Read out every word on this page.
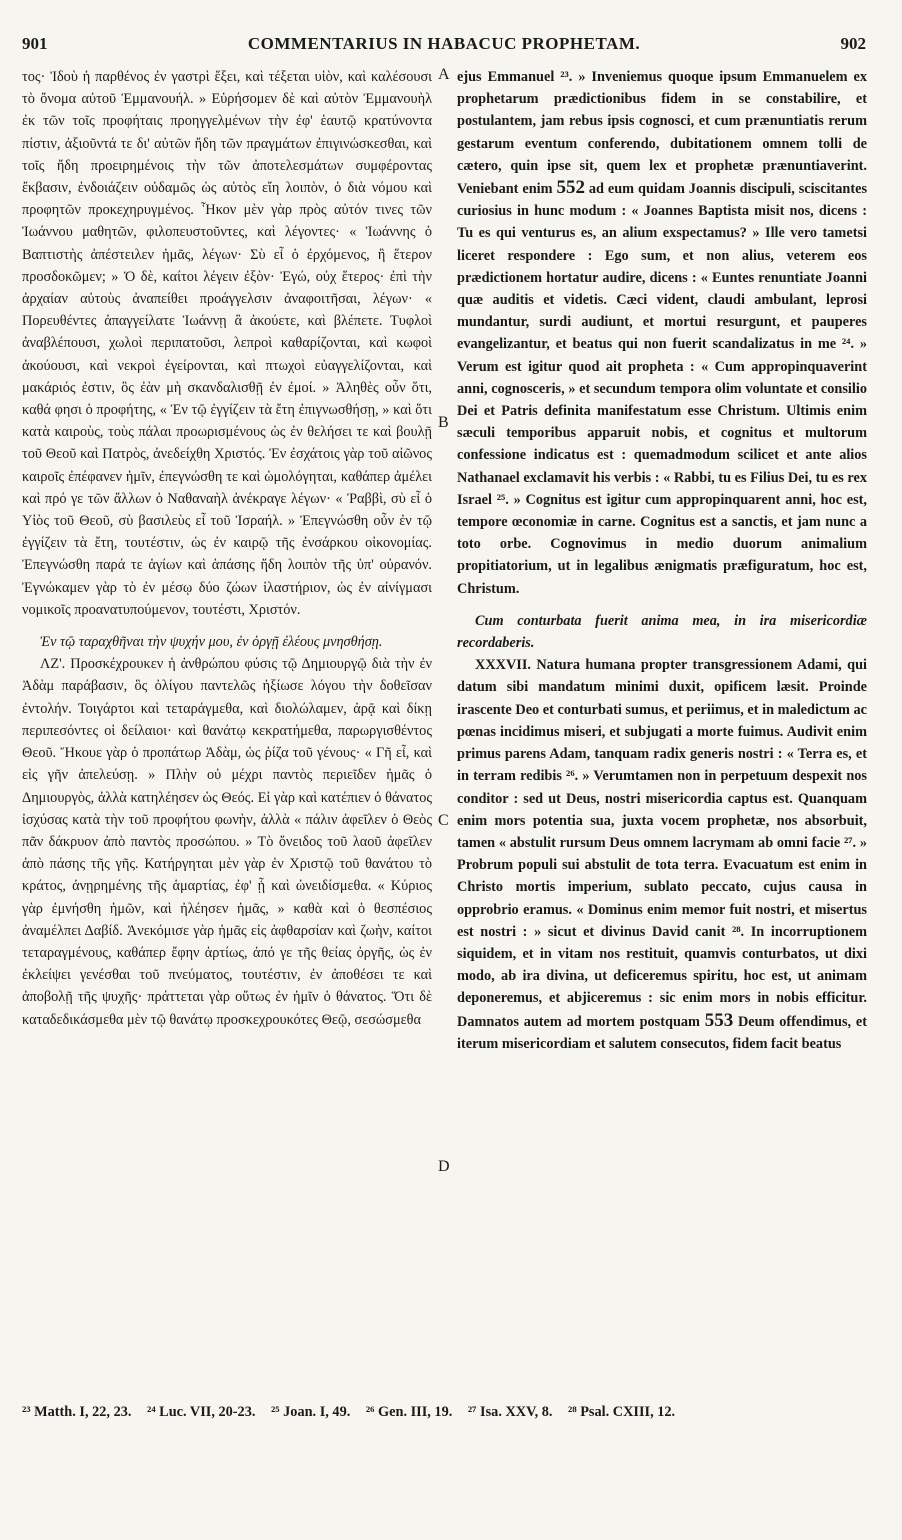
901	COMMENTARIUS IN HABACUC PROPHETAM.	902

τος· Ἰδοὺ ἡ παρθένος ἐν γαστρὶ ἕξει, καὶ τέξεται υἱὸν, καὶ καλέσουσι τὸ ὄνομα αὐτοῦ Ἐμμανουήλ. » Εὑρήσομεν δὲ καὶ αὐτὸν Ἐμμανουὴλ ἐκ τῶν τοῖς προφήταις προηγγελμένων τὴν ἐφ' ἑαυτῷ κρατύνοντα πίστιν, ἀξιοῦντά τε δι' αὐτῶν ἤδη τῶν πραγμάτων ἐπιγινώσκεσθαι, καὶ τοῖς ἤδη προειρημένοις τὴν τῶν ἀποτελεσμάτων συμφέροντας ἔκβασιν, ἐνδοιάζειν οὐδαμῶς ὡς αὐτὸς εἴη λοιπὸν, ὁ διὰ νόμου καὶ προφητῶν προκεχηρυγμένος. Ἧκον μὲν γὰρ πρὸς αὐτόν τινες τῶν Ἰωάννου μαθητῶν, φιλοπευστοῦντες, καὶ λέγοντες· « Ἰωάννης ὁ Βαπτιστὴς ἀπέστειλεν ἡμᾶς, λέγων· Σὺ εἶ ὁ ἐρχόμενος, ἢ ἕτερον προσδοκῶμεν; » Ὁ δὲ, καίτοι λέγειν ἐξὸν· Ἐγώ, οὐχ ἕτερος· ἐπὶ τὴν ἀρχαίαν αὐτοὺς ἀναπείθει προάγγελσιν ἀναφοιτῆσαι, λέγων· « Πορευθέντες ἀπαγγείλατε Ἰωάννῃ ἃ ἀκούετε, καὶ βλέπετε. Τυφλοὶ ἀναβλέπουσι, χωλοὶ περιπατοῦσι, λεπροὶ καθαρίζονται, καὶ κωφοὶ ἀκούουσι, καὶ νεκροὶ ἐγείρονται, καὶ πτωχοὶ εὐαγγελίζονται, καὶ μακάριός ἐστιν, ὃς ἐὰν μὴ σκανδαλισθῇ ἐν ἐμοί. » Ἀληθὲς οὖν ὅτι, καθά φησι ὁ προφήτης, « Ἐν τῷ ἐγγίζειν τὰ ἔτη ἐπιγνωσθήσῃ, » καὶ ὅτι κατὰ καιροὺς, τοὺς πάλαι προωρισμένους ὡς ἐν θελήσει τε καὶ βουλῇ τοῦ Θεοῦ καὶ Πατρὸς, ἀνεδείχθη Χριστός. Ἐν ἐσχάτοις γὰρ τοῦ αἰῶνος καιροῖς ἐπέφανεν ἡμῖν, ἐπεγνώσθη τε καὶ ὡμολόγηται, καθάπερ ἀμέλει καὶ πρό γε τῶν ἄλλων ὁ Ναθαναὴλ ἀνέκραγε λέγων· « Ῥαββὶ, σὺ εἶ ὁ Υἱὸς τοῦ Θεοῦ, σὺ βασιλεὺς εἶ τοῦ Ἰσραήλ. » Ἐπεγνώσθη οὖν ἐν τῷ ἐγγίζειν τὰ ἔτη, τουτέστιν, ὡς ἐν καιρῷ τῆς ἐνσάρκου οἰκονομίας. Ἐπεγνώσθη παρά τε ἁγίων καὶ ἁπάσης ἤδη λοιπὸν τῆς ὑπ' οὐρανόν. Ἐγνώκαμεν γὰρ τὸ ἐν μέσῳ δύο ζώων ἱλαστήριον, ὡς ἐν αἰνίγμασι νομικοῖς προανατυπούμενον, τουτέστι, Χριστόν.

Ἐν τῷ ταραχθῆναι τὴν ψυχήν μου, ἐν ὀργῇ ἐλέους μνησθήσῃ.

ΛΖ'. Προσκέχρουκεν ἡ ἀνθρώπου φύσις τῷ Δημιουργῷ διὰ τὴν ἐν Ἀδὰμ παράβασιν, ὃς ὀλίγου παντελῶς ἠξίωσε λόγου τὴν δοθεῖσαν ἐντολήν. Τοιγάρτοι καὶ τεταράγμεθα, καὶ διολώλαμεν, ἀρᾷ καὶ δίκῃ περιπεσόντες οἱ δείλαιοι· καὶ θανάτῳ κεκρατήμεθα, παρωργισθέντος Θεοῦ. Ἤκουε γὰρ ὁ προπάτωρ Ἀδὰμ, ὡς ῥίζα τοῦ γένους· « Γῆ εἶ, καὶ εἰς γῆν ἀπελεύσῃ. » Πλὴν οὐ μέχρι παντὸς περιεῖδεν ἡμᾶς ὁ Δημιουργὸς, ἀλλὰ κατηλέησεν ὡς Θεός. Εἰ γὰρ καὶ κατέπιεν ὁ θάνατος ἰσχύσας κατὰ τὴν τοῦ προφήτου φωνὴν, ἀλλὰ « πάλιν ἀφεῖλεν ὁ Θεὸς πᾶν δάκρυον ἀπὸ παντὸς προσώπου. » Τὸ ὄνειδος τοῦ λαοῦ ἀφεῖλεν ἀπὸ πάσης τῆς γῆς. Κατήργηται μὲν γὰρ ἐν Χριστῷ τοῦ θανάτου τὸ κράτος, ἀνῃρημένης τῆς ἁμαρτίας, ἐφ' ᾗ καὶ ὠνειδίσμεθα. « Κύριος γὰρ ἐμνήσθη ἡμῶν, καὶ ἠλέησεν ἡμᾶς, » καθὰ καὶ ὁ θεσπέσιος ἀναμέλπει Δαβίδ. Ἀνεκόμισε γὰρ ἡμᾶς εἰς ἀφθαρσίαν καὶ ζωὴν, καίτοι τεταραγμένους, καθάπερ ἔφην ἀρτίως, ἀπό γε τῆς θείας ὀργῆς, ὡς ἐν ἐκλείψει γενέσθαι τοῦ πνεύματος, τουτέστιν, ἐν ἀποθέσει τε καὶ ἀποβολῇ τῆς ψυχῆς· πράττεται γὰρ οὕτως ἐν ἡμῖν ὁ θάνατος. Ὅτι δὲ καταδεδικάσμεθα μὲν τῷ θανάτῳ προσκεχρουκότες Θεῷ, σεσώσμεθα

A
B
C
D

ejus Emmanuel ²³. » Inveniemus quoque ipsum Emmanuelem ex prophetarum prædictionibus fidem in se constabilire, et postulantem, jam rebus ipsis cognosci, et cum prænuntiatis rerum gestarum eventum conferendo, dubitationem omnem tolli de cætero, quin ipse sit, quem lex et prophetæ prænuntiaverint. Veniebant enim 552 ad eum quidam Joannis discipuli, sciscitantes curiosius in hunc modum : « Joannes Baptista misit nos, dicens : Tu es qui venturus es, an alium exspectamus? » Ille vero tametsi liceret respondere : Ego sum, et non alius, veterem eos prædictionem hortatur audire, dicens : « Euntes renuntiate Joanni quæ auditis et videtis. Cæci vident, claudi ambulant, leprosi mundantur, surdi audiunt, et mortui resurgunt, et pauperes evangelizantur, et beatus qui non fuerit scandalizatus in me ²⁴. » Verum est igitur quod ait propheta : « Cum appropinquaverint anni, cognosceris, » et secundum tempora olim voluntate et consilio Dei et Patris definita manifestatum esse Christum. Ultimis enim sæculi temporibus apparuit nobis, et cognitus et multorum confessione indicatus est : quemadmodum scilicet et ante alios Nathanael exclamavit his verbis : « Rabbi, tu es Filius Dei, tu es rex Israel ²⁵. » Cognitus est igitur cum appropinquarent anni, hoc est, tempore œconomiæ in carne. Cognitus est a sanctis, et jam nunc a toto orbe. Cognovimus in medio duorum animalium propitiatorium, ut in legalibus ænigmatis præfiguratum, hoc est, Christum.

Cum conturbata fuerit anima mea, in ira misericordiæ recordaberis.

XXXVII. Natura humana propter transgressionem Adami, qui datum sibi mandatum minimi duxit, opificem læsit. Proinde irascente Deo et conturbati sumus, et periimus, et in maledictum ac pœnas incidimus miseri, et subjugati a morte fuimus. Audivit enim primus parens Adam, tanquam radix generis nostri : « Terra es, et in terram redibis ²⁶. » Verumtamen non in perpetuum despexit nos conditor : sed ut Deus, nostri misericordia captus est. Quanquam enim mors potentia sua, juxta vocem prophetæ, nos absorbuit, tamen « abstulit rursum Deus omnem lacrymam ab omni facie ²⁷. » Probrum populi sui abstulit de tota terra. Evacuatum est enim in Christo mortis imperium, sublato peccato, cujus causa in opprobrio eramus. « Dominus enim memor fuit nostri, et misertus est nostri : » sicut et divinus David canit ²⁸. In incorruptionem siquidem, et in vitam nos restituit, quamvis conturbatos, ut dixi modo, ab ira divina, ut deficeremus spiritu, hoc est, ut animam deponeremus, et abjiceremus : sic enim mors in nobis efficitur. Damnatos autem ad mortem postquam 553 Deum offendimus, et iterum misericordiam et salutem consecutos, fidem facit beatus

²³ Matth. I, 22, 23. ²⁴ Luc. VII, 20-23. ²⁵ Joan. I, 49. ²⁶ Gen. III, 19. ²⁷ Isa. XXV, 8. ²⁸ Psal. CXIII, 12.
